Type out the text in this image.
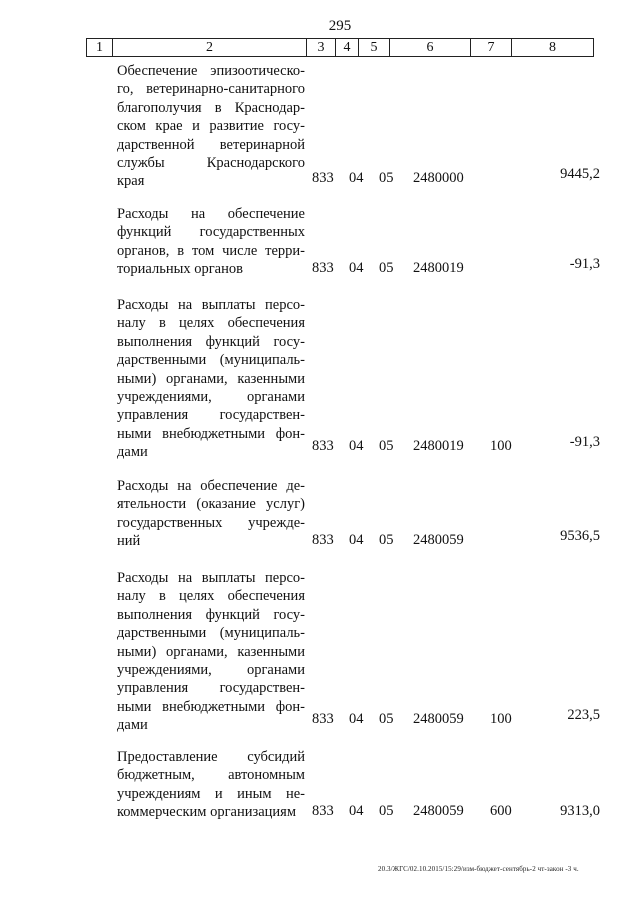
295
1	2	3	4	5	6	7	8
Обеспечение эпизоотическо-
го, ветеринарно-санитарного
благополучия в Краснодар-
ском крае и развитие госу-
дарственной ветеринарной
службы Краснодарского
края	833 04 05 2480000	9445,2
Расходы на обеспечение
функций государственных
органов, в том числе терри-
ториальных органов	833 04 05 2480019	-91,3
Расходы на выплаты персо-
налу в целях обеспечения
выполнения функций госу-
дарственными (муниципаль-
ными) органами, казенными
учреждениями, органами
управления государствен-
ными внебюджетными фон-
дами	833 04 05 2480019 100	-91,3
Расходы на обеспечение де-
ятельности (оказание услуг)
государственных учрежде-
ний	833 04 05 2480059	9536,5
Расходы на выплаты персо-
налу в целях обеспечения
выполнения функций госу-
дарственными (муниципаль-
ными) органами, казенными
учреждениями, органами
управления государствен-
ными внебюджетными фон-
дами	833 04 05 2480059 100	223,5
Предоставление субсидий
бюджетным, автономным
учреждениям и иным не-
коммерческим организациям	833 04 05 2480059 600	9313,0
20.3/ЖГС/02.10.2015/15:29/изм-бюджет-сентябрь-2 чт-закон -3 ч.
